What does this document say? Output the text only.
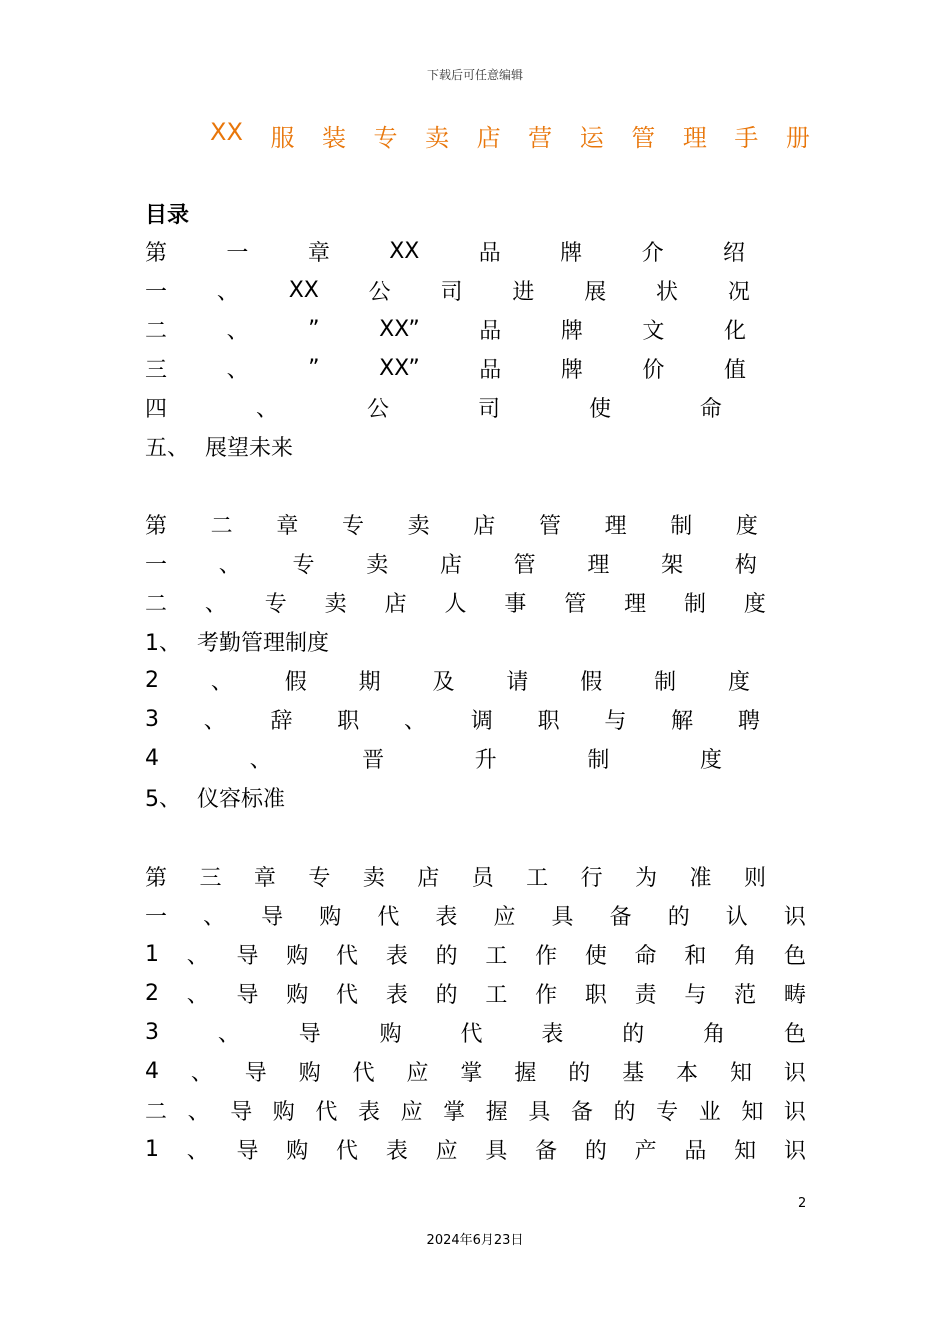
下载后可任意编辑
XX 服 装 专 卖 店 营 运 管 理 手 册
目录
第	一	章	XX	品	牌	介	绍
一 、 XX 公 司 进 展 状 况
二	、	”	XX”	品	牌	文	化
三	、	”	XX”	品	牌	价	值
四	、	公	司	使	命
五、 展望未来
第 二 章 专 卖 店 管 理 制 度
一 、 专 卖 店 管 理 架 构
二 、 专 卖 店 人 事 管 理 制 度
1、 考勤管理制度
2 、 假 期 及 请 假 制 度
3 、 辞 职 、 调 职 与 解 聘
4	、	晋	升	制	度
5、 仪容标准
第 三 章 专 卖 店 员 工 行 为 准 则
一 、 导 购 代 表 应 具 备 的 认 识
1 、 导 购 代 表 的 工 作 使 命 和 角 色
2 、 导 购 代 表 的 工 作 职 责 与 范 畴
3	、	导	购	代	表	的	角	色
4 、 导 购 代 应 掌 握 的 基 本 知 识
二 、 导 购 代 表 应 掌 握 具 备 的 专 业 知 识
1 、 导 购 代 表 应 具 备 的 产 品 知 识
2
2024年6月23日
